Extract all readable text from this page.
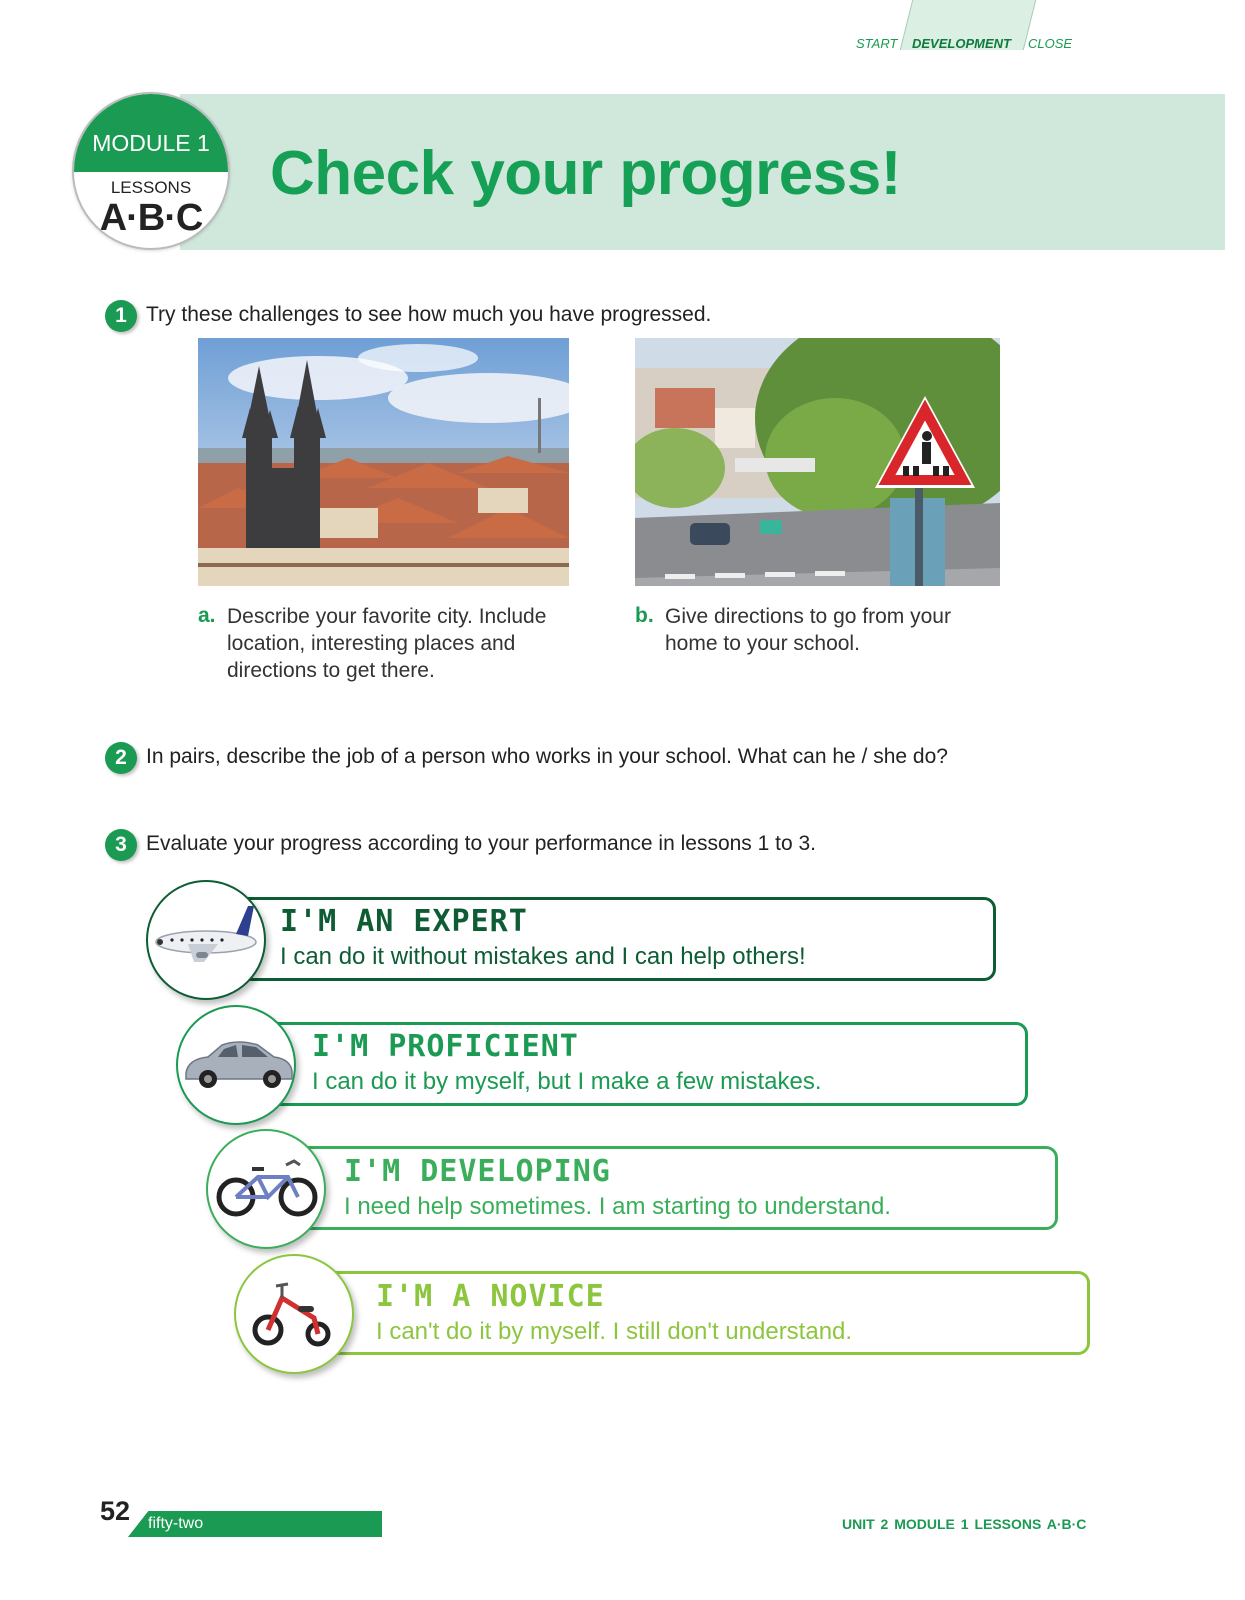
START DEVELOPMENT CLOSE
Check your progress!
MODULE 1
LESSONS
A·B·C
1 Try these challenges to see how much you have progressed.
a. Describe your favorite city. Include
location, interesting places and
directions to get there.
b. Give directions to go from your
home to your school.
2 In pairs, describe the job of a person who works in your school. What can he / she do?
3 Evaluate your progress according to your performance in lessons 1 to 3.
I'M AN EXPERT
I can do it without mistakes and I can help others!
I'M PROFICIENT
I can do it by myself, but I make a few mistakes.
I'M DEVELOPING
I need help sometimes. I am starting to understand.
I'M A NOVICE
I can't do it by myself. I still don't understand.
52 fifty-two	UNIT 2 MODULE 1 LESSONS A·B·C
